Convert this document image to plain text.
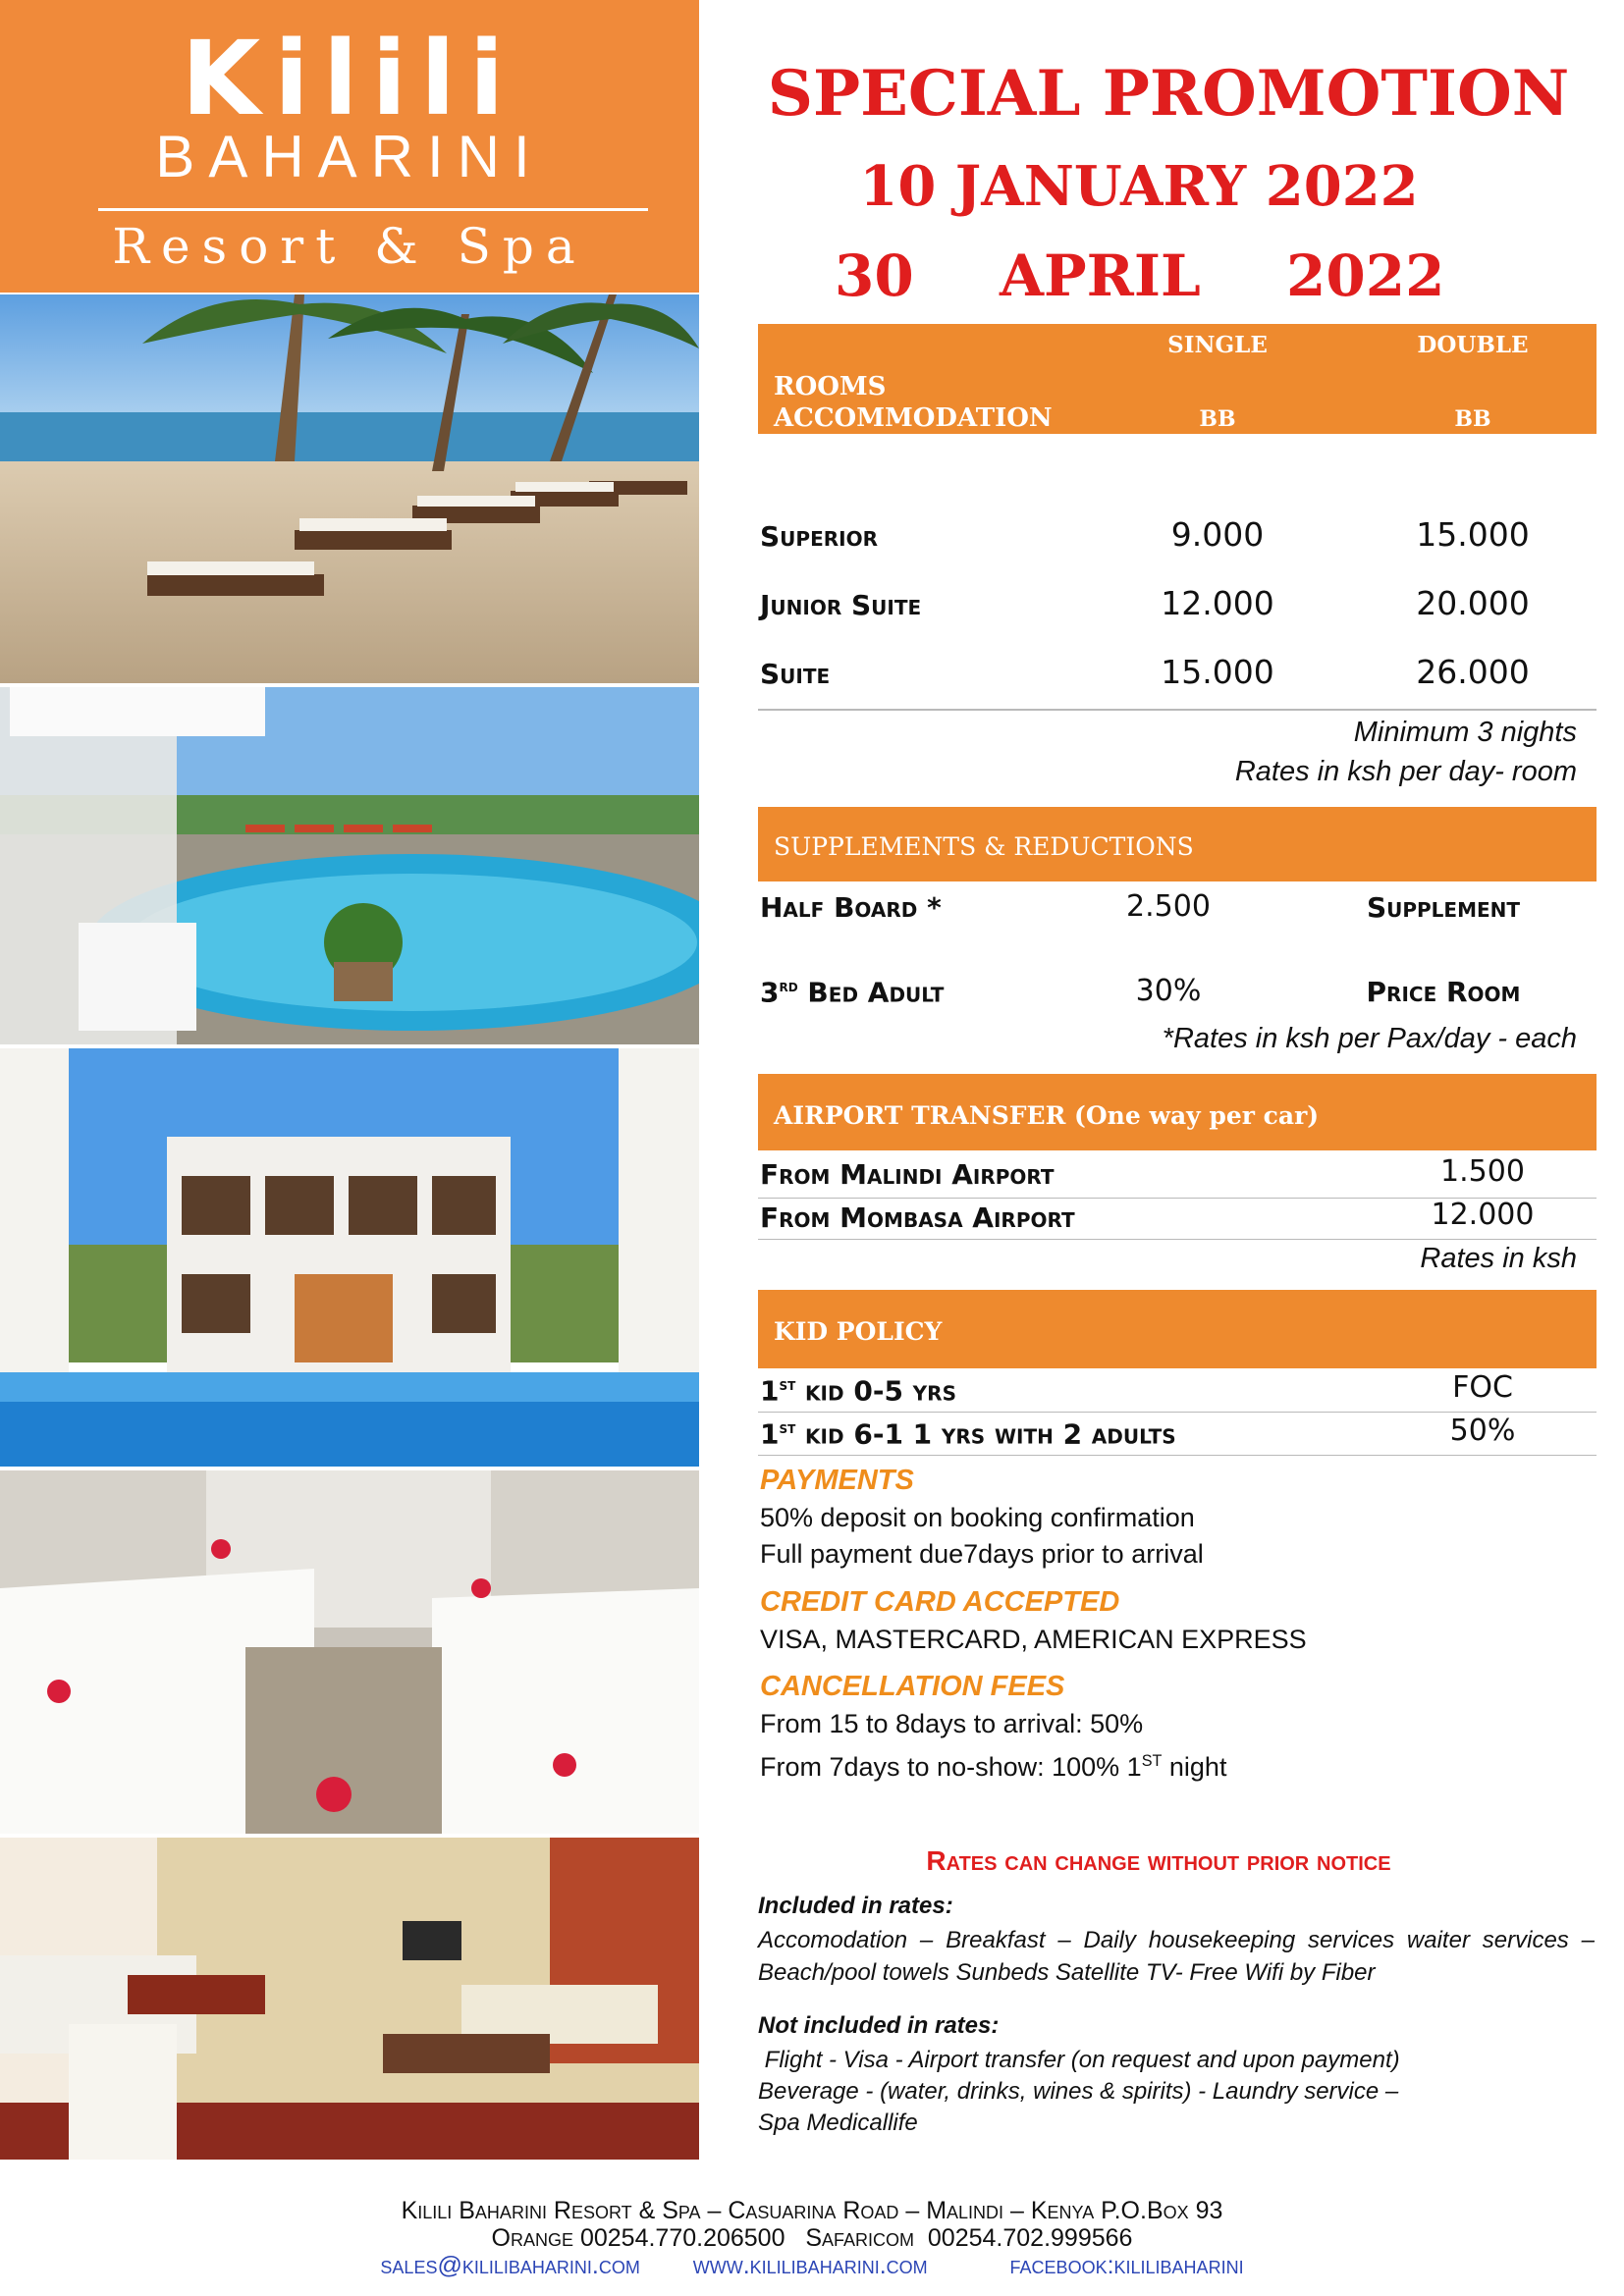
Kilili
BAHARINI
Resort & Spa
SPECIAL PROMOTION
10 JANUARY 2022
30	APRIL	2022
ROOMS ACCOMMODATION
SINGLE	DOUBLE
BB	BB
Superior	9.000	15.000
Junior Suite	12.000	20.000
Suite	15.000	26.000
Minimum 3 nights
Rates in ksh per day- room
SUPPLEMENTS & REDUCTIONS
Half Board *	2.500	Supplement
3rd Bed Adult	30%	Price Room
*Rates in ksh per Pax/day - each
AIRPORT TRANSFER (One way per car)
From Malindi Airport	1.500
From Mombasa Airport	12.000
Rates in ksh
KID POLICY
1st kid 0-5 yrs	FOC
1st kid 6-1 1 yrs with 2 adults	50%
PAYMENTS
50% deposit on booking confirmation
Full payment due7days prior to arrival
CREDIT CARD ACCEPTED
VISA, MASTERCARD, AMERICAN EXPRESS
CANCELLATION FEES
From 15 to 8days to arrival: 50%
From 7days to no-show: 100% 1ST night
Rates can change without prior notice
Included in rates:
Accomodation – Breakfast – Daily housekeeping services waiter services – Beach/pool towels Sunbeds Satellite TV- Free Wifi by Fiber
Not included in rates:
Flight - Visa - Airport transfer (on request and upon payment)
Beverage - (water, drinks, wines & spirits) - Laundry service –
Spa Medicallife
Kilili Baharini Resort & Spa – Casuarina Road – Malindi – Kenya P.O.Box 93
Orange 00254.770.206500   Safaricom  00254.702.999566
sales@kililibaharini.com www.kililibaharini.com	facebook:kililibaharini
